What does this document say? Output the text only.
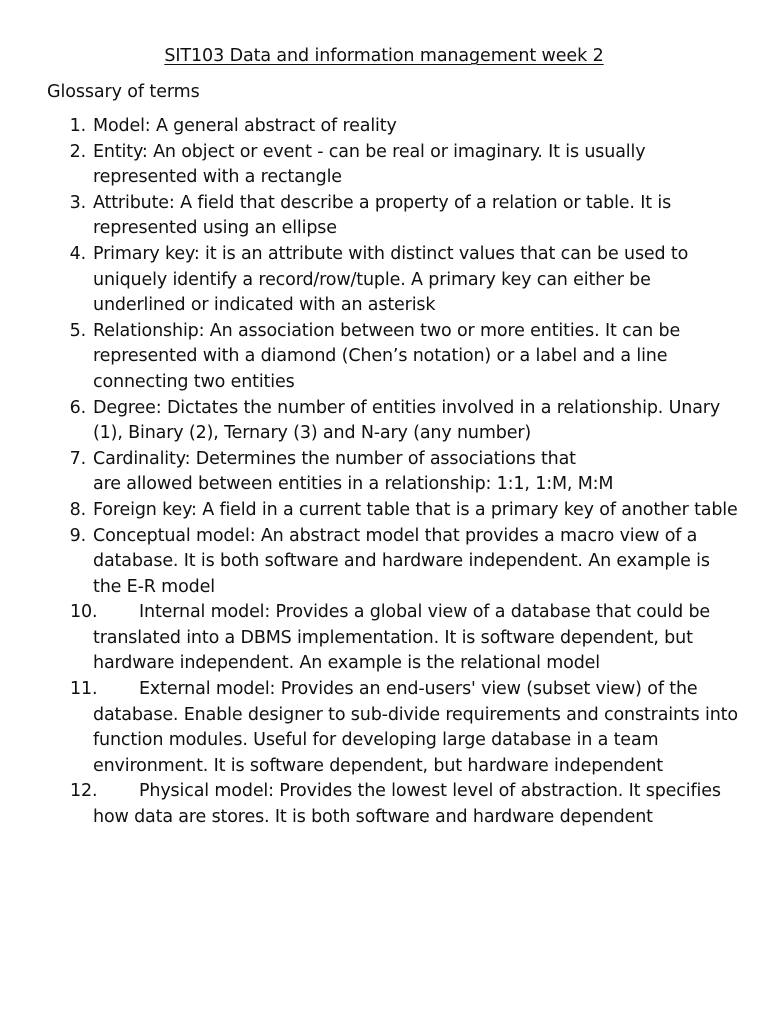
SIT103 Data and information management week 2
Glossary of terms
1. Model: A general abstract of reality
2. Entity: An object or event - can be real or imaginary. It is usually
represented with a rectangle
3. Attribute: A field that describe a property of a relation or table. It is
represented using an ellipse
4. Primary key: it is an attribute with distinct values that can be used to
uniquely identify a record/row/tuple. A primary key can either be
underlined or indicated with an asterisk
5. Relationship: An association between two or more entities. It can be
represented with a diamond (Chen’s notation) or a label and a line
connecting two entities
6. Degree: Dictates the number of entities involved in a relationship. Unary
(1), Binary (2), Ternary (3) and N-ary (any number)
7. Cardinality: Determines the number of associations that
are allowed between entities in a relationship: 1:1, 1:M, M:M
8. Foreign key: A field in a current table that is a primary key of another table
9. Conceptual model: An abstract model that provides a macro view of a
database. It is both software and hardware independent. An example is
the E-R model
10.	Internal model: Provides a global view of a database that could be
translated into a DBMS implementation. It is software dependent, but
hardware independent. An example is the relational model
11.	External model: Provides an end-users' view (subset view) of the
database. Enable designer to sub-divide requirements and constraints into
function modules. Useful for developing large database in a team
environment. It is software dependent, but hardware independent
12.	Physical model: Provides the lowest level of abstraction. It specifies
how data are stores. It is both software and hardware dependent
